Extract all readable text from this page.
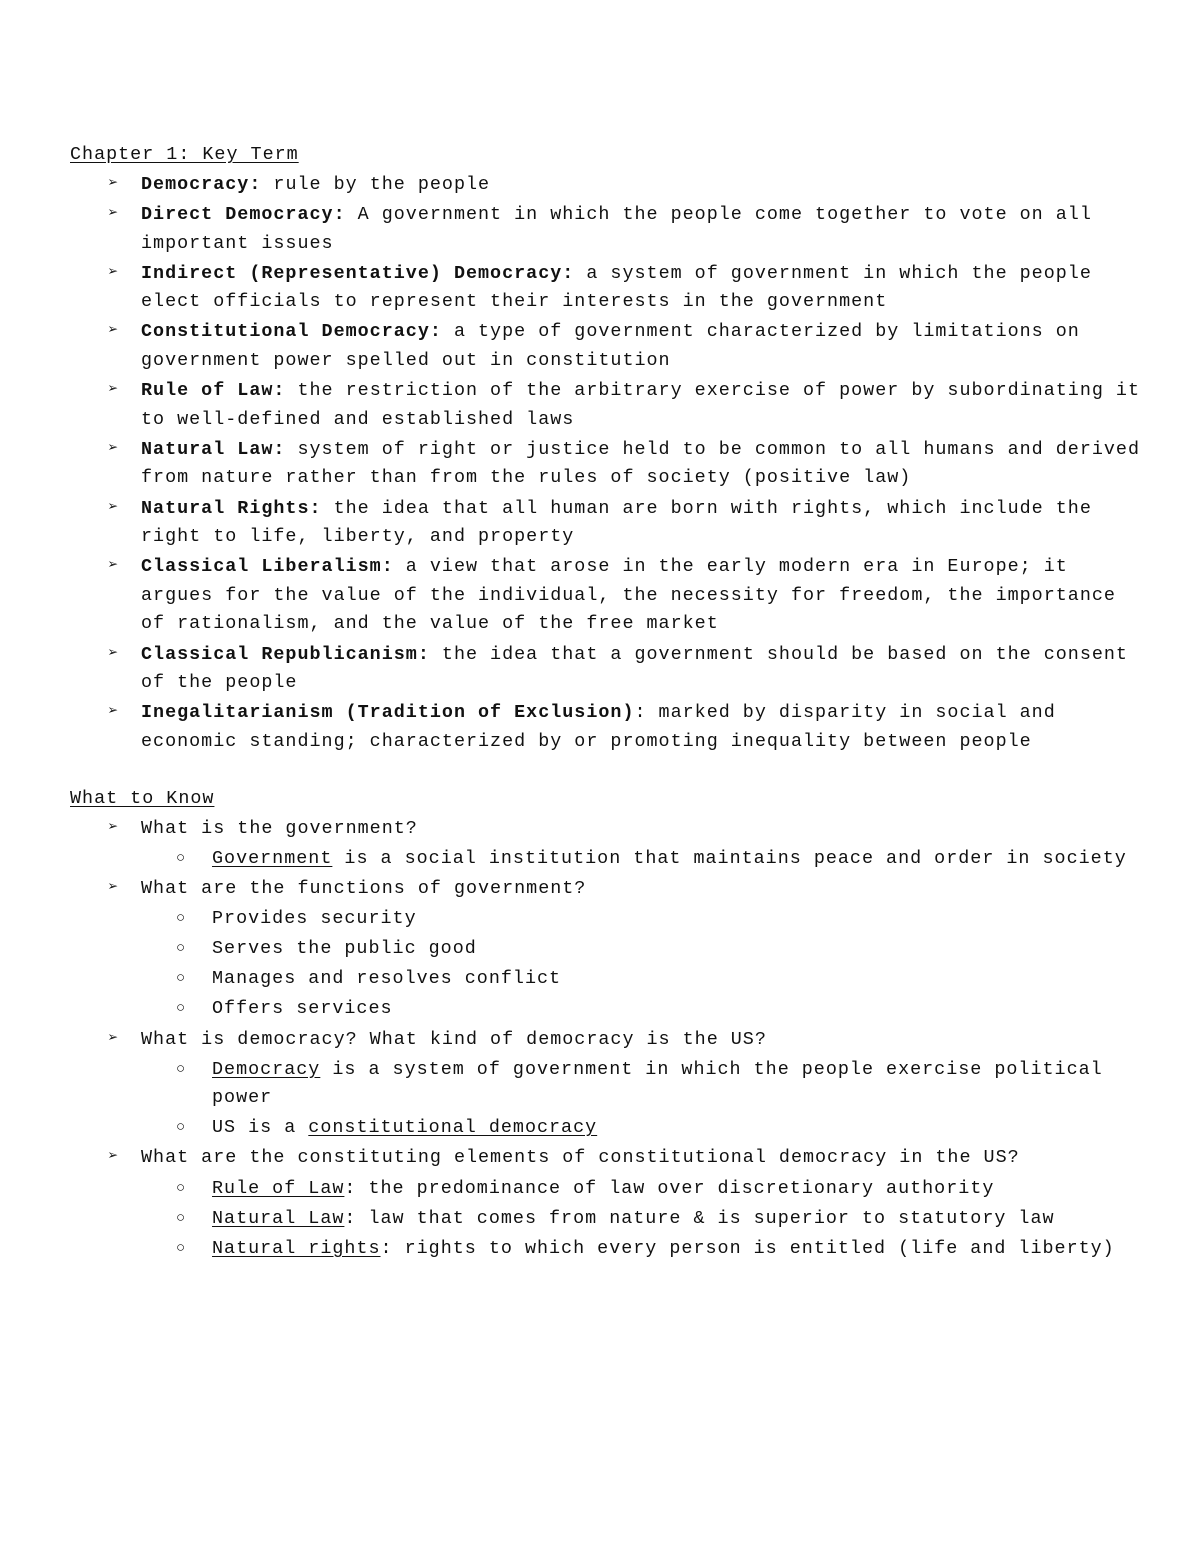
Chapter 1: Key Term
➢ Democracy: rule by the people
➢ Direct Democracy: A government in which the people come together to vote on all important issues
➢ Indirect (Representative) Democracy: a system of government in which the people elect officials to represent their interests in the government
➢ Constitutional Democracy: a type of government characterized by limitations on government power spelled out in constitution
➢ Rule of Law: the restriction of the arbitrary exercise of power by subordinating it to well-defined and established laws
➢ Natural Law: system of right or justice held to be common to all humans and derived from nature rather than from the rules of society (positive law)
➢ Natural Rights: the idea that all human are born with rights, which include the right to life, liberty, and property
➢ Classical Liberalism: a view that arose in the early modern era in Europe; it argues for the value of the individual, the necessity for freedom, the importance of rationalism, and the value of the free market
➢ Classical Republicanism: the idea that a government should be based on the consent of the people
➢ Inegalitarianism (Tradition of Exclusion): marked by disparity in social and economic standing; characterized by or promoting inequality between people
What to Know
➢ What is the government?
○ Government is a social institution that maintains peace and order in society
➢ What are the functions of government?
○ Provides security
○ Serves the public good
○ Manages and resolves conflict
○ Offers services
➢ What is democracy? What kind of democracy is the US?
○ Democracy is a system of government in which the people exercise political power
○ US is a constitutional democracy
➢ What are the constituting elements of constitutional democracy in the US?
○ Rule of Law: the predominance of law over discretionary authority
○ Natural Law: law that comes from nature & is superior to statutory law
○ Natural rights: rights to which every person is entitled (life and liberty)
